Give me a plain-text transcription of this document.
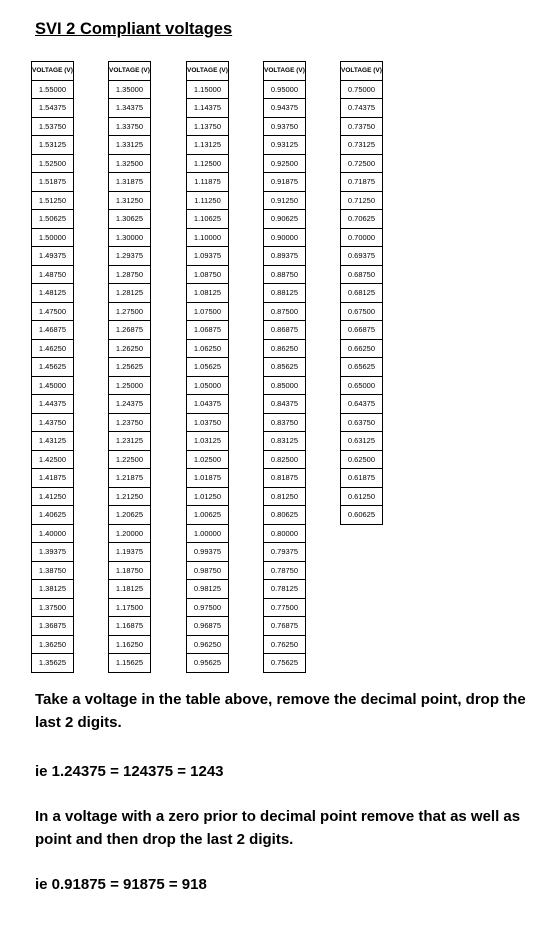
SVI 2 Compliant voltages
VOLTAGE (V)
1.55000
1.54375
1.53750
1.53125
1.52500
1.51875
1.51250
1.50625
1.50000
1.49375
1.48750
1.48125
1.47500
1.46875
1.46250
1.45625
1.45000
1.44375
1.43750
1.43125
1.42500
1.41875
1.41250
1.40625
1.40000
1.39375
1.38750
1.38125
1.37500
1.36875
1.36250
1.35625
VOLTAGE (V)
1.35000
1.34375
1.33750
1.33125
1.32500
1.31875
1.31250
1.30625
1.30000
1.29375
1.28750
1.28125
1.27500
1.26875
1.26250
1.25625
1.25000
1.24375
1.23750
1.23125
1.22500
1.21875
1.21250
1.20625
1.20000
1.19375
1.18750
1.18125
1.17500
1.16875
1.16250
1.15625
VOLTAGE (V)
1.15000
1.14375
1.13750
1.13125
1.12500
1.11875
1.11250
1.10625
1.10000
1.09375
1.08750
1.08125
1.07500
1.06875
1.06250
1.05625
1.05000
1.04375
1.03750
1.03125
1.02500
1.01875
1.01250
1.00625
1.00000
0.99375
0.98750
0.98125
0.97500
0.96875
0.96250
0.95625
VOLTAGE (V)
0.95000
0.94375
0.93750
0.93125
0.92500
0.91875
0.91250
0.90625
0.90000
0.89375
0.88750
0.88125
0.87500
0.86875
0.86250
0.85625
0.85000
0.84375
0.83750
0.83125
0.82500
0.81875
0.81250
0.80625
0.80000
0.79375
0.78750
0.78125
0.77500
0.76875
0.76250
0.75625
VOLTAGE (V)
0.75000
0.74375
0.73750
0.73125
0.72500
0.71875
0.71250
0.70625
0.70000
0.69375
0.68750
0.68125
0.67500
0.66875
0.66250
0.65625
0.65000
0.64375
0.63750
0.63125
0.62500
0.61875
0.61250
0.60625
Take a voltage in the table above, remove the decimal point, drop the last 2 digits.
ie 1.24375 = 124375 = 1243
In a voltage with a zero prior to decimal point remove that as well as point and then drop the last 2 digits.
ie 0.91875 = 91875 = 918
